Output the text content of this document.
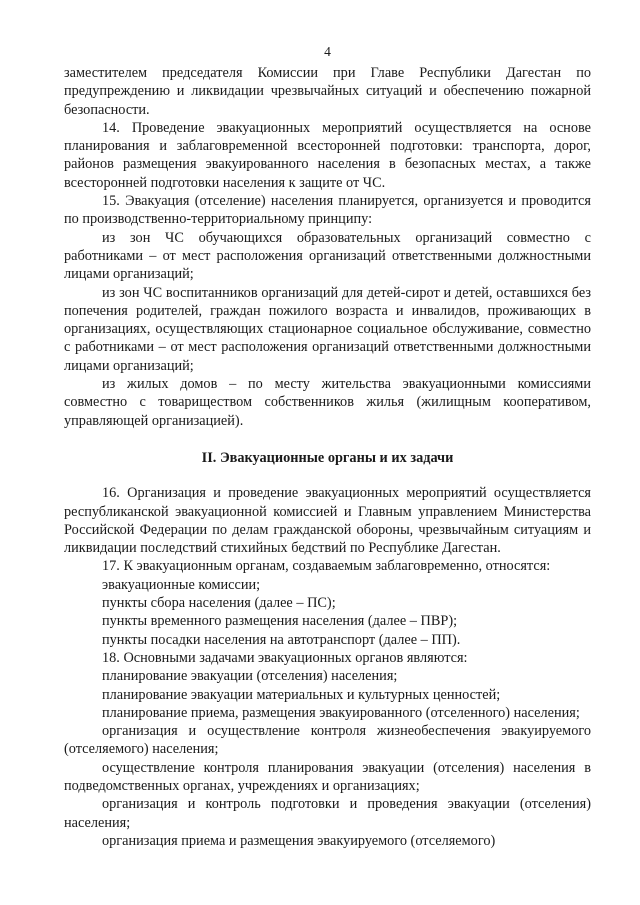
4

заместителем председателя Комиссии при Главе Республики Дагестан по предупреждению и ликвидации чрезвычайных ситуаций и обеспечению пожарной безопасности.

14. Проведение эвакуационных мероприятий осуществляется на основе планирования и заблаговременной всесторонней подготовки: транспорта, дорог, районов размещения эвакуированного населения в безопасных местах, а также всесторонней подготовки населения к защите от ЧС.

15. Эвакуация (отселение) населения планируется, организуется и проводится по производственно-территориальному принципу:

из зон ЧС обучающихся образовательных организаций совместно с работниками – от мест расположения организаций ответственными должностными лицами организаций;

из зон ЧС воспитанников организаций для детей-сирот и детей, оставшихся без попечения родителей, граждан пожилого возраста и инвалидов, проживающих в организациях, осуществляющих стационарное социальное обслуживание, совместно с работниками – от мест расположения организаций ответственными должностными лицами организаций;

из жилых домов – по месту жительства эвакуационными комиссиями совместно с товариществом собственников жилья (жилищным кооперативом, управляющей организацией).

II. Эвакуационные органы и их задачи

16. Организация и проведение эвакуационных мероприятий осуществляется республиканской эвакуационной комиссией и Главным управлением Министерства Российской Федерации по делам гражданской обороны, чрезвычайным ситуациям и ликвидации последствий стихийных бедствий по Республике Дагестан.

17. К эвакуационным органам, создаваемым заблаговременно, относятся:

эвакуационные комиссии;

пункты сбора населения (далее – ПС);

пункты временного размещения населения (далее – ПВР);

пункты посадки населения на автотранспорт (далее – ПП).

18. Основными задачами эвакуационных органов являются:

планирование эвакуации (отселения) населения;

планирование эвакуации материальных и культурных ценностей;

планирование приема, размещения эвакуированного (отселенного) населения;

организация и осуществление контроля жизнеобеспечения эвакуируемого (отселяемого) населения;

осуществление контроля планирования эвакуации (отселения) населения в подведомственных органах, учреждениях и организациях;

организация и контроль подготовки и проведения эвакуации (отселения) населения;

организация приема и размещения эвакуируемого (отселяемого)
